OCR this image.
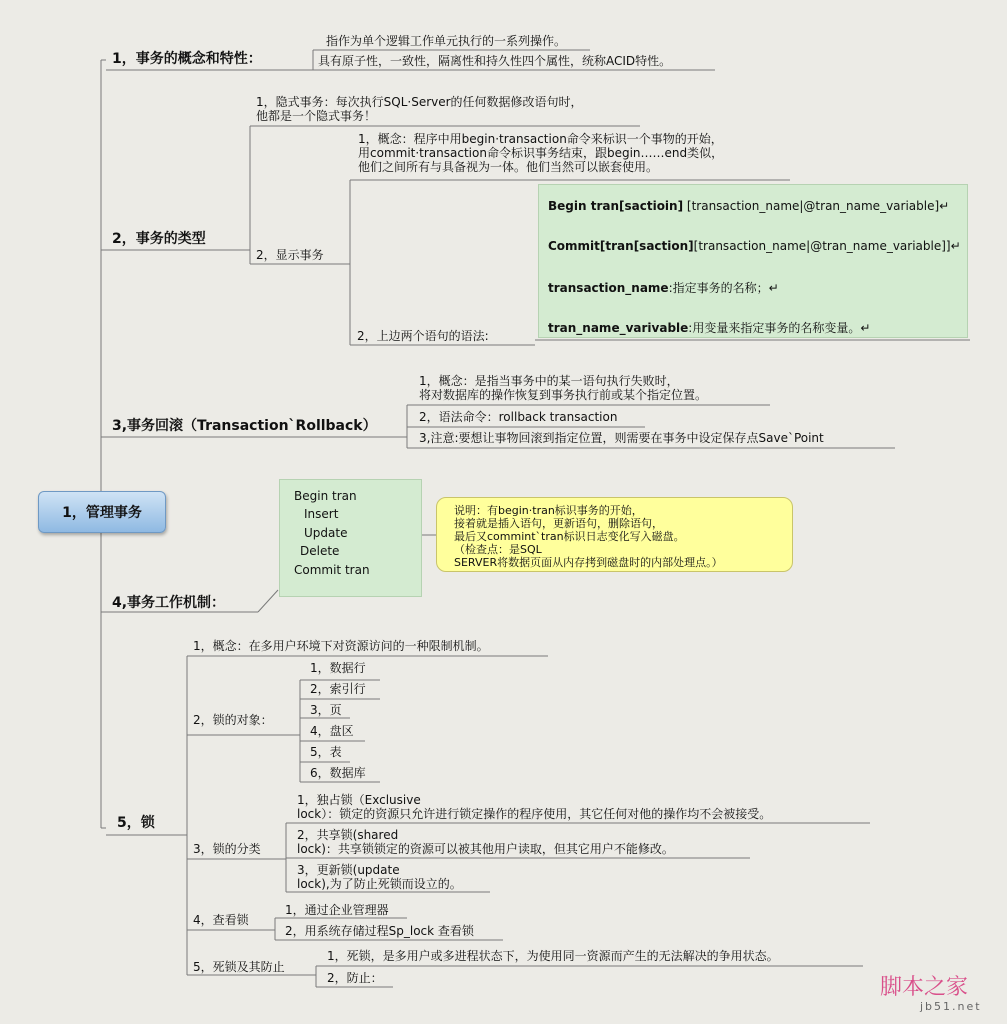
1，管理事务
1，事务的概念和特性：
指作为单个逻辑工作单元执行的一系列操作。
具有原子性，一致性，隔离性和持久性四个属性，统称ACID特性。
2，事务的类型
1，隐式事务：每次执行SQL·Server的任何数据修改语句时，
他都是一个隐式事务！
2，显示事务
1，概念：程序中用begin·transaction命令来标识一个事物的开始，
用commit·transaction命令标识事务结束，跟begin……end类似，
他们之间所有与具备视为一体。他们当然可以嵌套使用。
2，上边两个语句的语法:
Begin tran[sactioin] [transaction_name|@tran_name_variable]↵
Commit[tran[saction][transaction_name|@tran_name_variable]]↵
transaction_name:指定事务的名称；↵
tran_name_varivable:用变量来指定事务的名称变量。↵
3,事务回滚（Transaction`Rollback）
1，概念：是指当事务中的某一语句执行失败时，
将对数据库的操作恢复到事务执行前或某个指定位置。
2，语法命令：rollback transaction
3,注意:要想让事物回滚到指定位置，则需要在事务中设定保存点Save`Point
4,事务工作机制：
Begin tran
Insert
Update
Delete
Commit tran
说明：有begin·tran标识事务的开始，
接着就是插入语句，更新语句，删除语句，
最后又commint`tran标识日志变化写入磁盘。
（检查点：是SQL
SERVER将数据页面从内存拷到磁盘时的内部处理点。）
5，锁
1，概念：在多用户环境下对资源访问的一种限制机制。
2，锁的对象：
1，数据行
2，索引行
3，页
4，盘区
5，表
6，数据库
3，锁的分类
1，独占锁（Exclusive
lock）：锁定的资源只允许进行锁定操作的程序使用，其它任何对他的操作均不会被接受。
2，共享锁(shared
lock)：共享锁锁定的资源可以被其他用户读取，但其它用户不能修改。
3，更新锁(update
lock),为了防止死锁而设立的。
4，查看锁
1，通过企业管理器
2，用系统存储过程Sp_lock 查看锁
5，死锁及其防止
1，死锁，是多用户或多进程状态下，为使用同一资源而产生的无法解决的争用状态。
2，防止：	脚本之家
jb51.net
